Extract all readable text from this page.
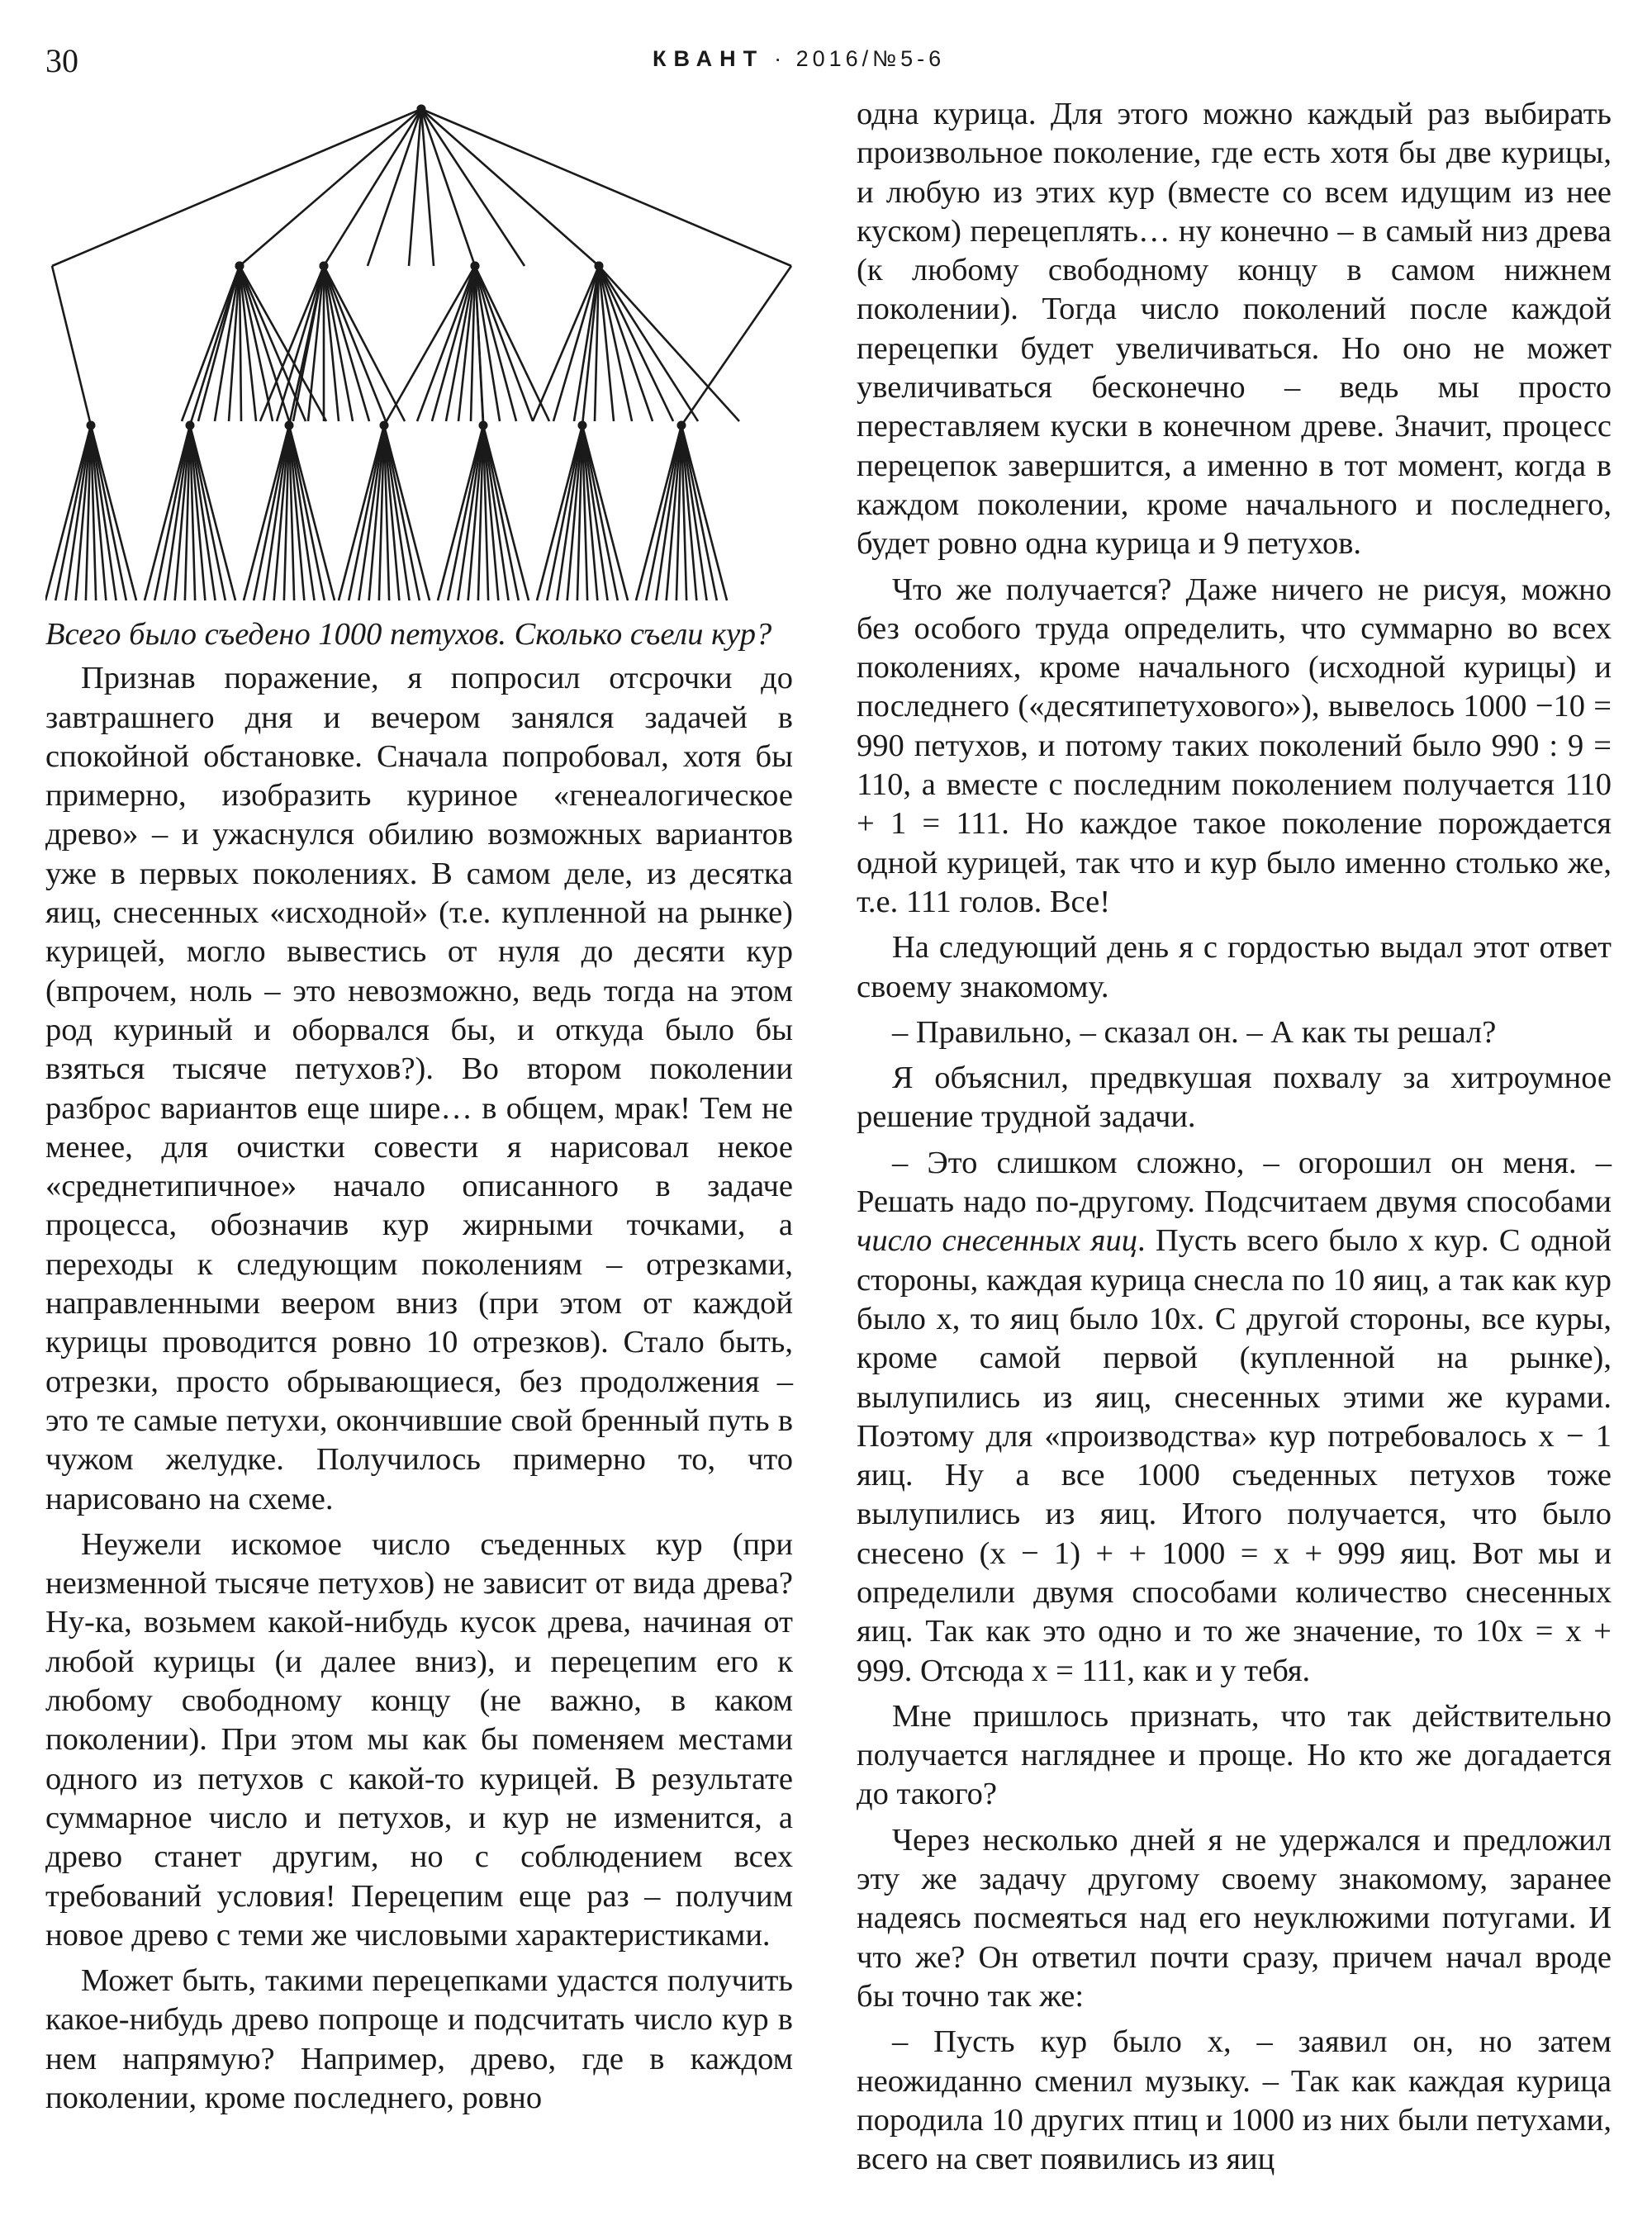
30	КВАНТ · 2016/№5-6

Всего было съедено 1000 петухов. Сколько съели кур?

Признав поражение, я попросил отсрочки до завтрашнего дня и вечером занялся задачей в спокойной обстановке. Сначала попробовал, хотя бы примерно, изобразить куриное «генеалогическое древо» – и ужаснулся обилию возможных вариантов уже в первых поколениях. В самом деле, из десятка яиц, снесенных «исходной» (т.е. купленной на рынке) курицей, могло вывестись от нуля до десяти кур (впрочем, ноль – это невозможно, ведь тогда на этом род куриный и оборвался бы, и откуда было бы взяться тысяче петухов?). Во втором поколении разброс вариантов еще шире… в общем, мрак! Тем не менее, для очистки совести я нарисовал некое «среднетипичное» начало описанного в задаче процесса, обозначив кур жирными точками, а переходы к следующим поколениям – отрезками, направленными веером вниз (при этом от каждой курицы проводится ровно 10 отрезков). Стало быть, отрезки, просто обрывающиеся, без продолжения – это те самые петухи, окончившие свой бренный путь в чужом желудке. Получилось примерно то, что нарисовано на схеме.

Неужели искомое число съеденных кур (при неизменной тысяче петухов) не зависит от вида древа? Ну-ка, возьмем какой-нибудь кусок древа, начиная от любой курицы (и далее вниз), и перецепим его к любому свободному концу (не важно, в каком поколении). При этом мы как бы поменяем местами одного из петухов с какой-то курицей. В результате суммарное число и петухов, и кур не изменится, а древо станет другим, но с соблюдением всех требований условия! Перецепим еще раз – получим новое древо с теми же числовыми характеристиками.

Может быть, такими перецепками удастся получить какое-нибудь древо попроще и подсчитать число кур в нем напрямую? Например, древо, где в каждом поколении, кроме последнего, ровно

одна курица. Для этого можно каждый раз выбирать произвольное поколение, где есть хотя бы две курицы, и любую из этих кур (вместе со всем идущим из нее куском) перецеплять… ну конечно – в самый низ древа (к любому свободному концу в самом нижнем поколении). Тогда число поколений после каждой перецепки будет увеличиваться. Но оно не может увеличиваться бесконечно – ведь мы просто переставляем куски в конечном древе. Значит, процесс перецепок завершится, а именно в тот момент, когда в каждом поколении, кроме начального и последнего, будет ровно одна курица и 9 петухов.

Что же получается? Даже ничего не рисуя, можно без особого труда определить, что суммарно во всех поколениях, кроме начального (исходной курицы) и последнего («десятипетухового»), вывелось 1000 −10 = 990 петухов, и потому таких поколений было 990 : 9 = 110, а вместе с последним поколением получается 110 + 1 = 111. Но каждое такое поколение порождается одной курицей, так что и кур было именно столько же, т.е. 111 голов. Все!

На следующий день я с гордостью выдал этот ответ своему знакомому.

– Правильно, – сказал он. – А как ты решал?

Я объяснил, предвкушая похвалу за хитроумное решение трудной задачи.

– Это слишком сложно, – огорошил он меня. – Решать надо по-другому. Подсчитаем двумя способами число снесенных яиц. Пусть всего было x кур. С одной стороны, каждая курица снесла по 10 яиц, а так как кур было x, то яиц было 10x. С другой стороны, все куры, кроме самой первой (купленной на рынке), вылупились из яиц, снесенных этими же курами. Поэтому для «производства» кур потребовалось x − 1 яиц. Ну а все 1000 съеденных петухов тоже вылупились из яиц. Итого получается, что было снесено (x − 1) + + 1000 = x + 999 яиц. Вот мы и определили двумя способами количество снесенных яиц. Так как это одно и то же значение, то 10x = x + 999. Отсюда x = 111, как и у тебя.

Мне пришлось признать, что так действительно получается нагляднее и проще. Но кто же догадается до такого?

Через несколько дней я не удержался и предложил эту же задачу другому своему знакомому, заранее надеясь посмеяться над его неуклюжими потугами. И что же? Он ответил почти сразу, причем начал вроде бы точно так же:

– Пусть кур было x, – заявил он, но затем неожиданно сменил музыку. – Так как каждая курица породила 10 других птиц и 1000 из них были петухами, всего на свет появились из яиц
